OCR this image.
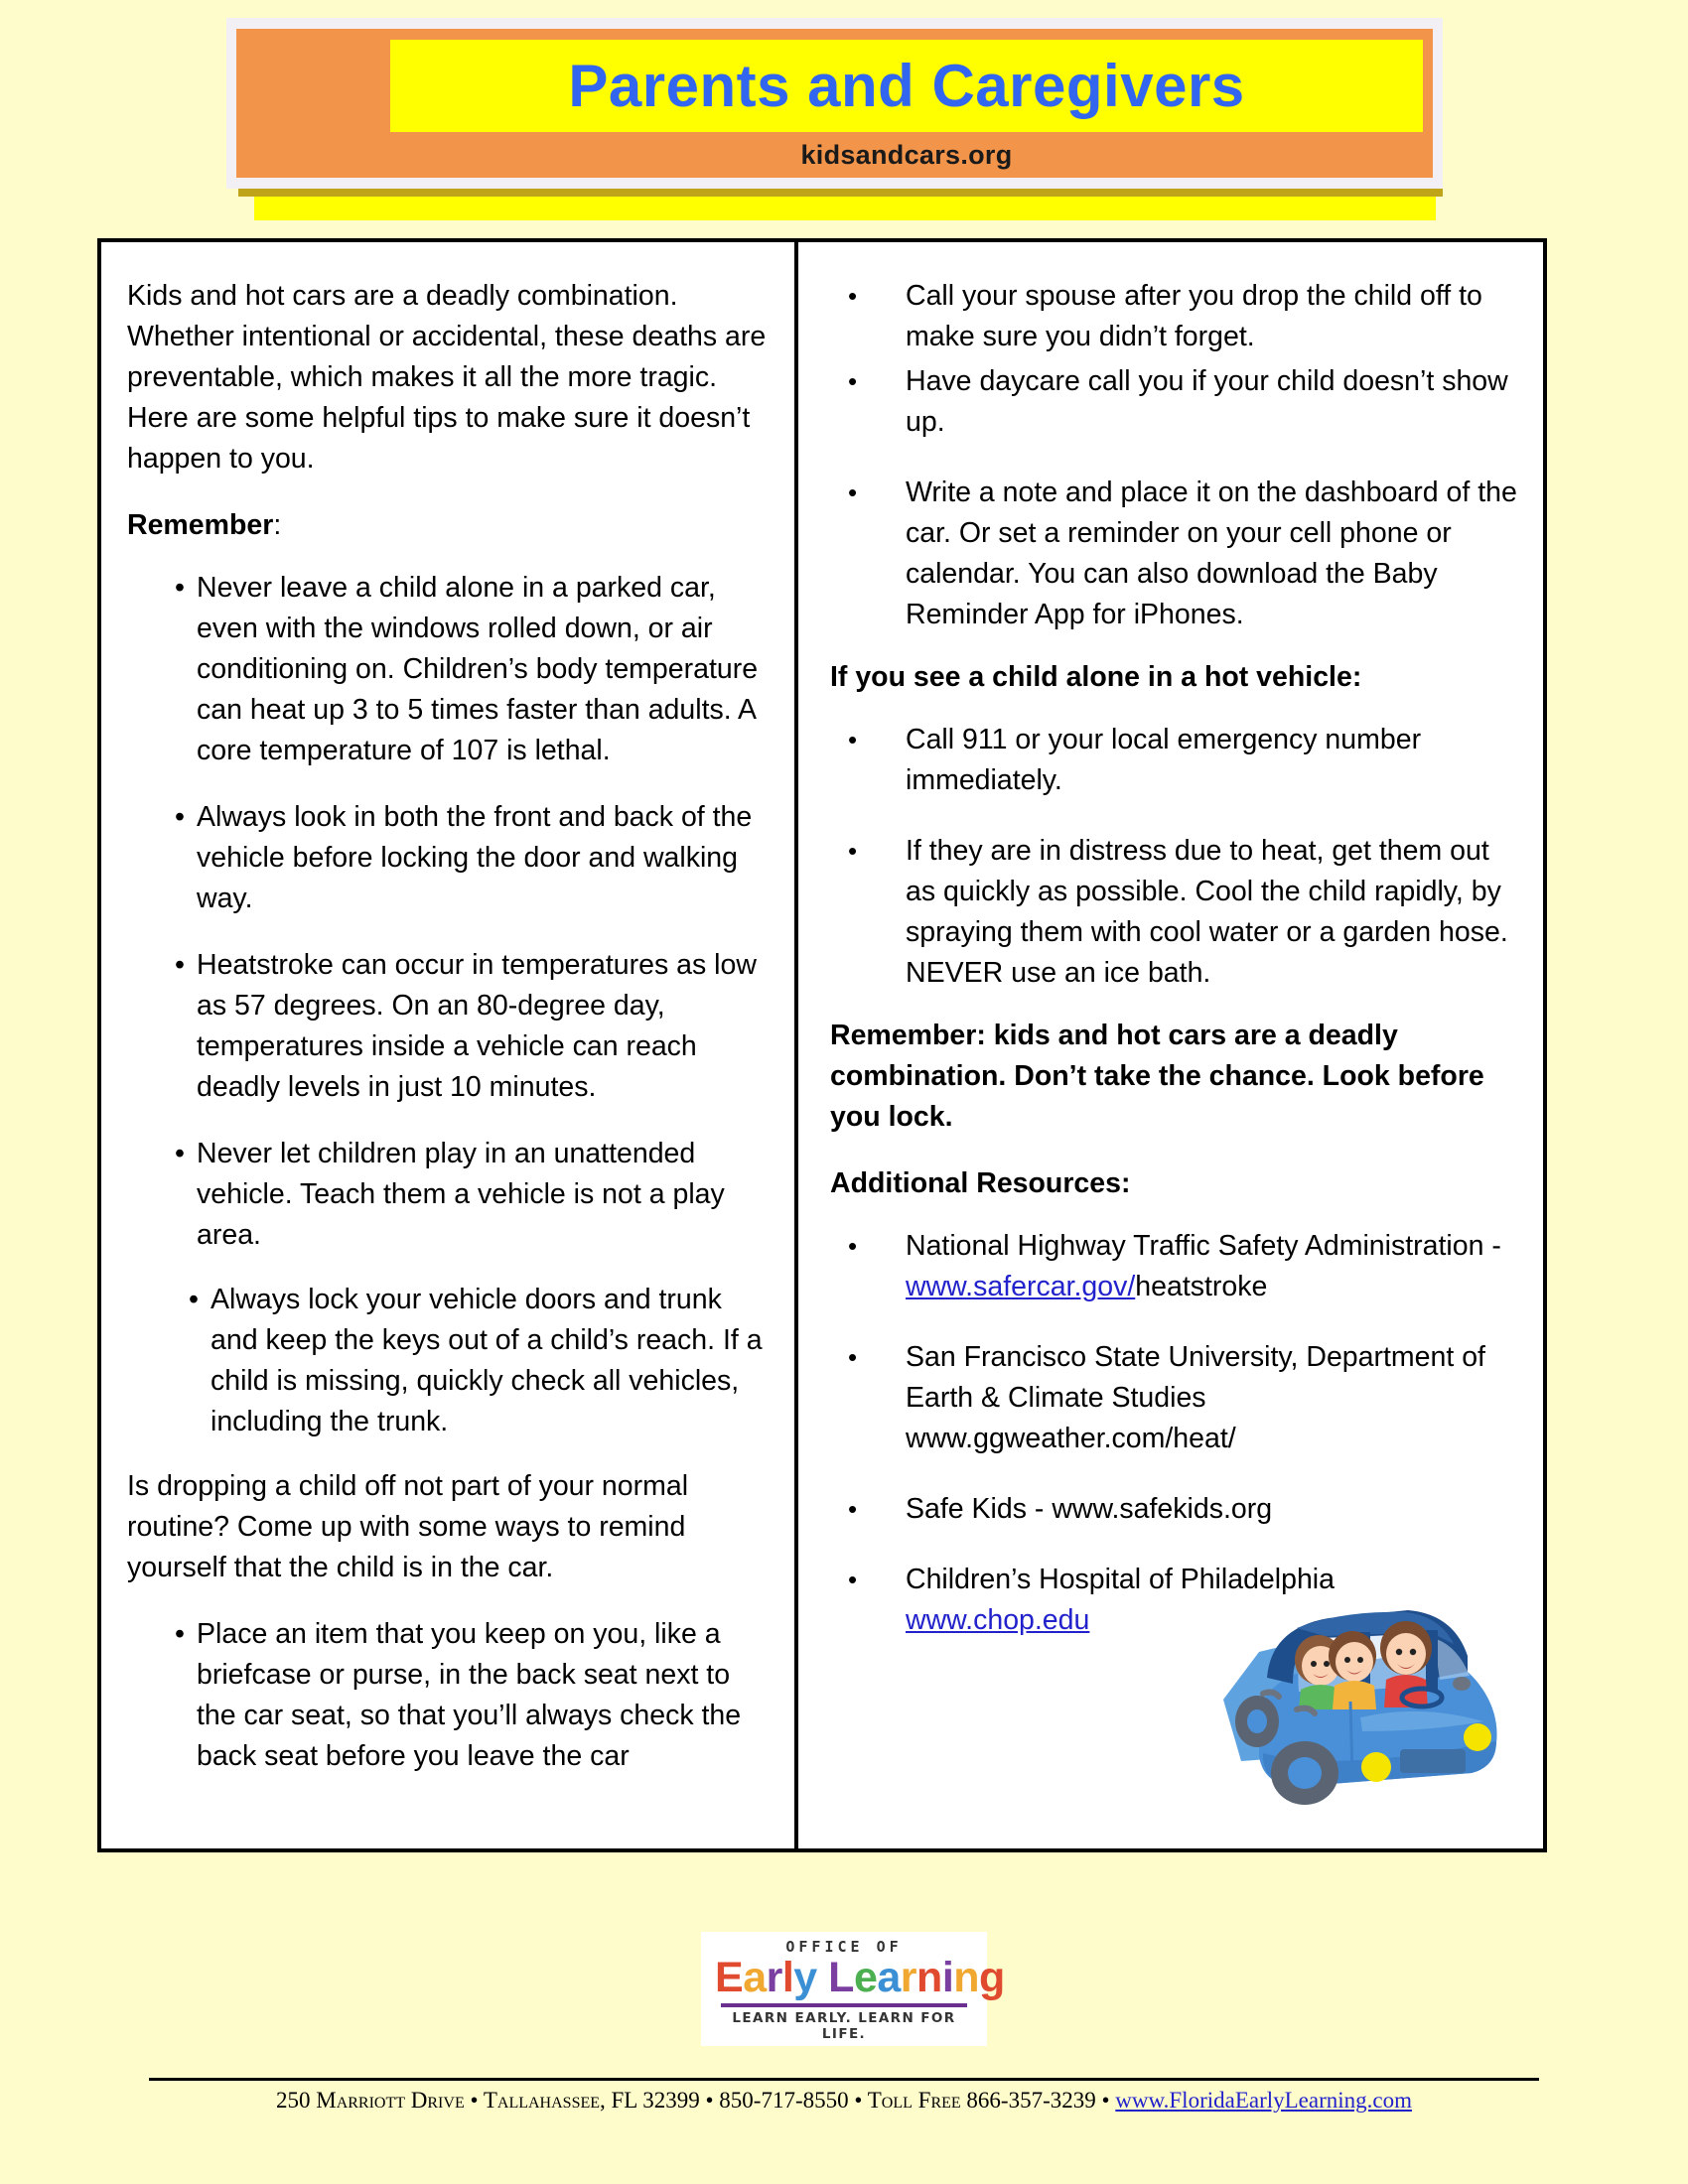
Parents and Caregivers
kidsandcars.org

Kids and hot cars are a deadly combination. Whether intentional or accidental, these deaths are preventable, which makes it all the more tragic. Here are some helpful tips to make sure it doesn’t happen to you.

Remember:

• Never leave a child alone in a parked car, even with the windows rolled down, or air conditioning on. Children’s body temperature can heat up 3 to 5 times faster than adults. A core temperature of 107 is lethal.
• Always look in both the front and back of the vehicle before locking the door and walking way.
• Heatstroke can occur in temperatures as low as 57 degrees. On an 80-degree day, temperatures inside a vehicle can reach deadly levels in just 10 minutes.
• Never let children play in an unattended vehicle. Teach them a vehicle is not a play area.
• Always lock your vehicle doors and trunk and keep the keys out of a child’s reach. If a child is missing, quickly check all vehicles, including the trunk.

Is dropping a child off not part of your normal routine? Come up with some ways to remind yourself that the child is in the car.

• Place an item that you keep on you, like a briefcase or purse, in the back seat next to the car seat, so that you’ll always check the back seat before you leave the car
• Call your spouse after you drop the child off to make sure you didn’t forget.
• Have daycare call you if your child doesn’t show up.
• Write a note and place it on the dashboard of the car. Or set a reminder on your cell phone or calendar. You can also download the Baby Reminder App for iPhones.
If you see a child alone in a hot vehicle:
• Call 911 or your local emergency number immediately.
• If they are in distress due to heat, get them out as quickly as possible. Cool the child rapidly, by spraying them with cool water or a garden hose. NEVER use an ice bath.

Remember: kids and hot cars are a deadly combination. Don’t take the chance. Look before you lock.

Additional Resources:
• National Highway Traffic Safety Administration - www.safercar.gov/heatstroke
• San Francisco State University, Department of Earth & Climate Studies www.ggweather.com/heat/
• Safe Kids - www.safekids.org
• Children’s Hospital of Philadelphia www.chop.edu
OFFICE OF
Early Learning
LEARN EARLY. LEARN FOR LIFE.
250 Marriott Drive • Tallahassee, FL 32399 • 850-717-8550 • Toll Free 866-357-3239 • www.FloridaEarlyLearning.com
